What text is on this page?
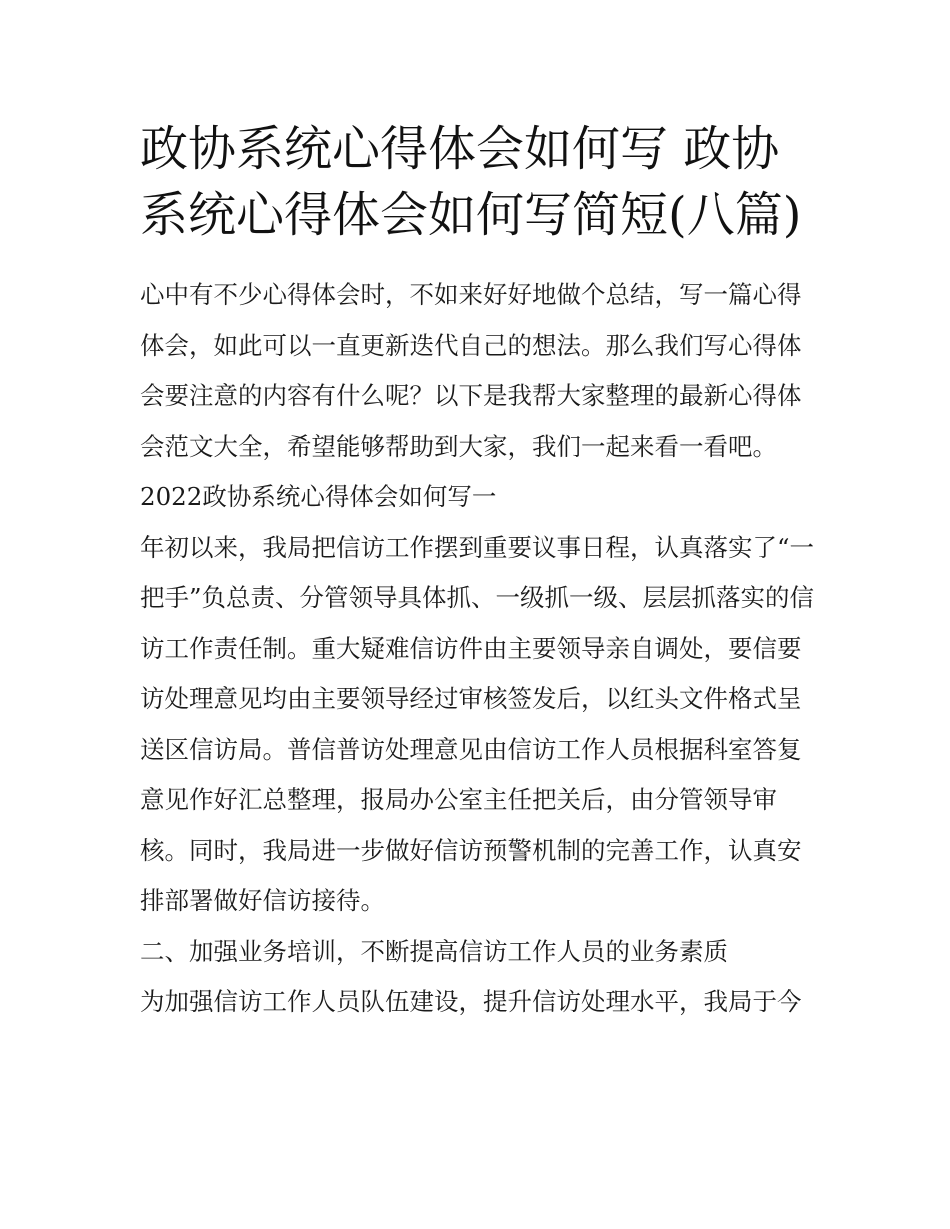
政协系统心得体会如何写 政协系统心得体会如何写简短(八篇)

心中有不少心得体会时，不如来好好地做个总结，写一篇心得体会，如此可以一直更新迭代自己的想法。那么我们写心得体会要注意的内容有什么呢？以下是我帮大家整理的最新心得体会范文大全，希望能够帮助到大家，我们一起来看一看吧。

2022政协系统心得体会如何写一

年初以来，我局把信访工作摆到重要议事日程，认真落实了“一把手”负总责、分管领导具体抓、一级抓一级、层层抓落实的信访工作责任制。重大疑难信访件由主要领导亲自调处，要信要访处理意见均由主要领导经过审核签发后，以红头文件格式呈送区信访局。普信普访处理意见由信访工作人员根据科室答复意见作好汇总整理，报局办公室主任把关后，由分管领导审核。同时，我局进一步做好信访预警机制的完善工作，认真安排部署做好信访接待。

二、加强业务培训，不断提高信访工作人员的业务素质

为加强信访工作人员队伍建设，提升信访处理水平，我局于今
